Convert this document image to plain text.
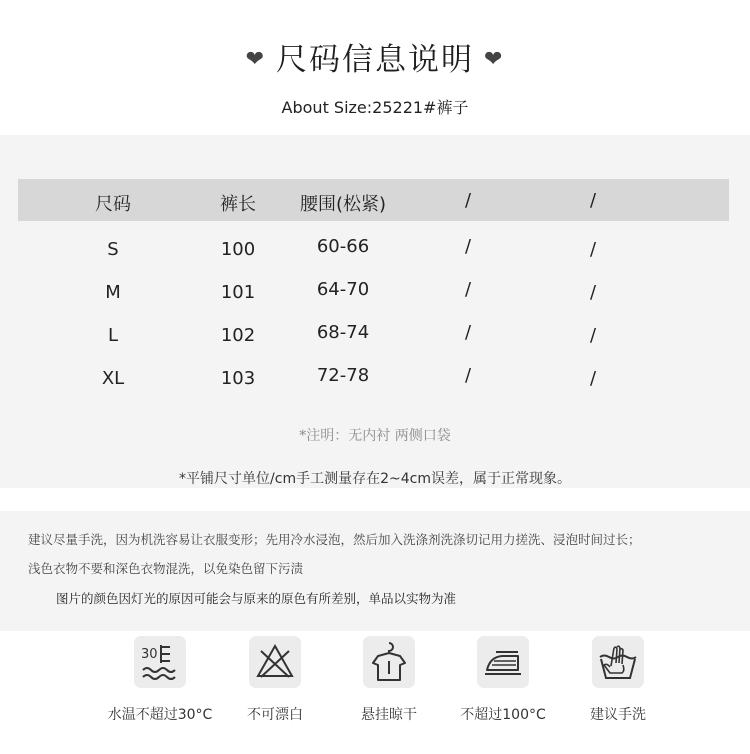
❤ 尺码信息说明 ❤
About Size:25221#裤子
尺码	裤长	腰围(松紧)	/	/
S	100	60-66	/	/
M	101	64-70	/	/
L	102	68-74	/	/
XL	103	72-78	/	/
*注明：无内衬 两侧口袋
*平铺尺寸单位/cm手工测量存在2~4cm误差，属于正常现象。
建议尽量手洗，因为机洗容易让衣服变形；先用冷水浸泡，然后加入洗涤剂洗涤切记用力搓洗、浸泡时间过长；
浅色衣物不要和深色衣物混洗，以免染色留下污渍
图片的颜色因灯光的原因可能会与原来的原色有所差别，单品以实物为准
30
水温不超过30°C	不可漂白	悬挂晾干	不超过100°C	建议手洗
